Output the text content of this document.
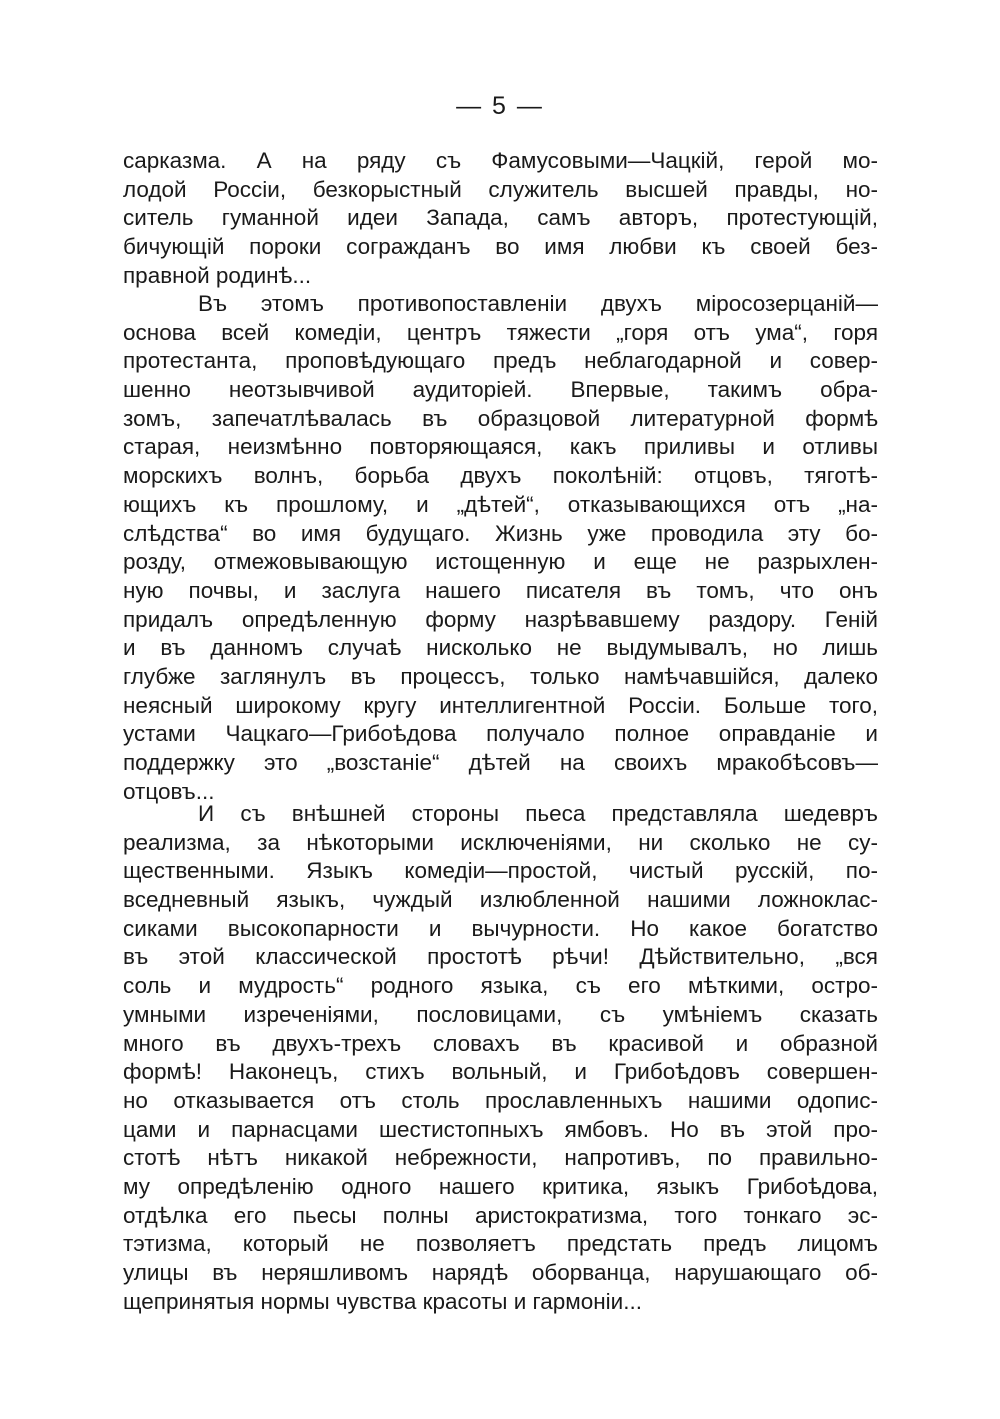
— 5 —
сарказма. А на ряду съ Фамусовыми—Чацкій, герой мо-
лодой Россіи, безкорыстный служитель высшей правды, но-
ситель гуманной идеи Запада, самъ авторъ, протестующій,
бичующій пороки согражданъ во имя любви къ своей без-
правной родинѣ...
Въ этомъ противопоставленіи двухъ міросозерцаній—
основа всей комедіи, центръ тяжести „горя отъ ума“, горя
протестанта, проповѣдующаго предъ неблагодарной и совер-
шенно неотзывчивой аудиторіей. Впервые, такимъ обра-
зомъ, запечатлѣвалась въ образцовой литературной формѣ
старая, неизмѣнно повторяющаяся, какъ приливы и отливы
морскихъ волнъ, борьба двухъ поколѣній: отцовъ, тяготѣ-
ющихъ къ прошлому, и „дѣтей“, отказывающихся отъ „на-
слѣдства“ во имя будущаго. Жизнь уже проводила эту бо-
розду, отмежовывающую истощенную и еще не разрыхлен-
ную почвы, и заслуга нашего писателя въ томъ, что онъ
придалъ опредѣленную форму назрѣвавшему раздору. Геній
и въ данномъ случаѣ нисколько не выдумывалъ, но лишь
глубже заглянулъ въ процессъ, только намѣчавшійся, далеко
неясный широкому кругу интеллигентной Россіи. Больше того,
устами Чацкаго—Грибоѣдова получало полное оправданіе и
поддержку это „возстаніе“ дѣтей на своихъ мракобѣсовъ—
отцовъ...
И съ внѣшней стороны пьеса представляла шедевръ
реализма, за нѣкоторыми исключеніями, ни сколько не су-
щественными. Языкъ комедіи—простой, чистый русскій, по-
вседневный языкъ, чуждый излюбленной нашими ложноклас-
сиками высокопарности и вычурности. Но какое богатство
въ этой классической простотѣ рѣчи! Дѣйствительно, „вся
соль и мудрость“ родного языка, съ его мѣткими, остро-
умными изреченіями, пословицами, съ умѣніемъ сказать
много въ двухъ-трехъ словахъ въ красивой и образной
формѣ! Наконецъ, стихъ вольный, и Грибоѣдовъ совершен-
но отказывается отъ столь прославленныхъ нашими одопис-
цами и парнасцами шестистопныхъ ямбовъ. Но въ этой про-
стотѣ нѣтъ никакой небрежности, напротивъ, по правильно-
му опредѣленію одного нашего критика, языкъ Грибоѣдова,
отдѣлка его пьесы полны аристократизма, того тонкаго эс-
тэтизма, который не позволяетъ предстать предъ лицомъ
улицы въ неряшливомъ нарядѣ оборванца, нарушающаго об-
щепринятыя нормы чувства красоты и гармоніи...
